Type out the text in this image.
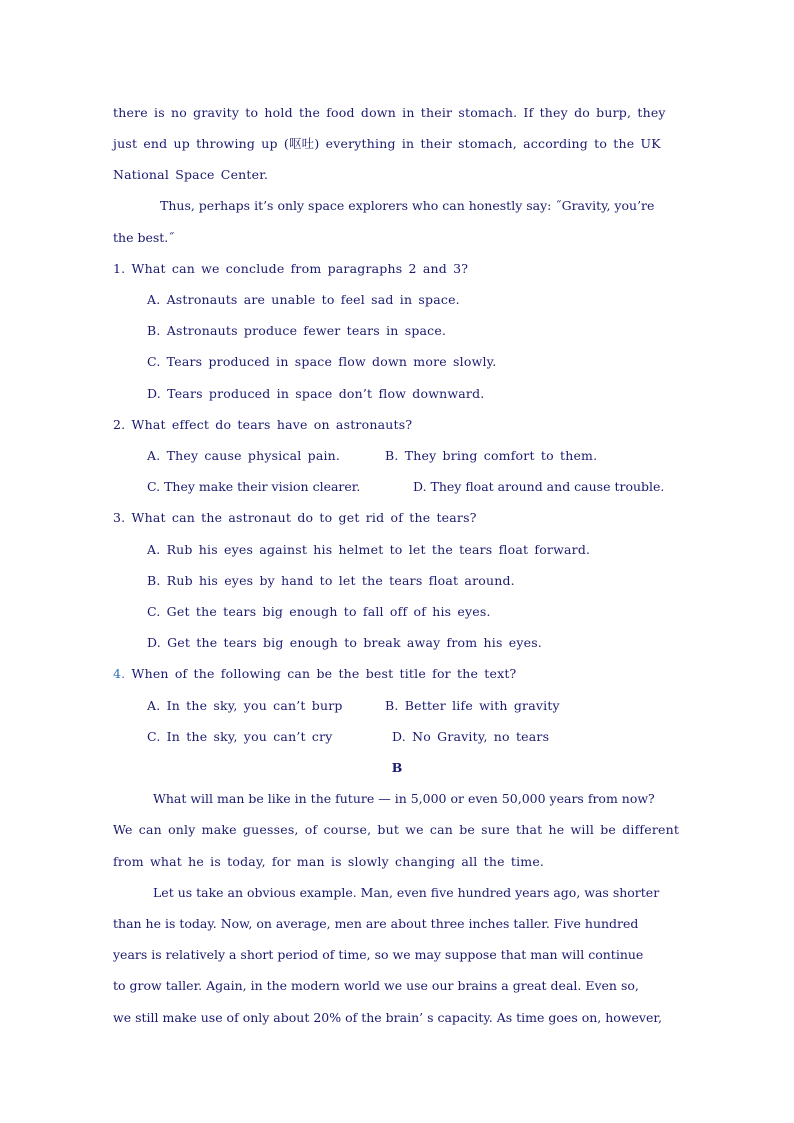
there is no gravity to hold the food down in their stomach. If they do burp, they
just end up throwing up (呕吐) everything in their stomach, according to the UK
National Space Center.
Thus, perhaps it’s only space explorers who can honestly say: ˝Gravity, you’re
the best.˝
1. What can we conclude from paragraphs 2 and 3?
A. Astronauts are unable to feel sad in space.
B. Astronauts produce fewer tears in space.
C. Tears produced in space flow down more slowly.
D. Tears produced in space don’t flow downward.
2. What effect do tears have on astronauts?
A. They cause physical pain.	B. They bring comfort to them.
C. They make their vision clearer.	D. They float around and cause trouble.
3. What can the astronaut do to get rid of the tears?
A. Rub his eyes against his helmet to let the tears float forward.
B. Rub his eyes by hand to let the tears float around.
C. Get the tears big enough to fall off of his eyes.
D. Get the tears big enough to break away from his eyes.
4. When of the following can be the best title for the text?
A. In the sky, you can’t burp	B. Better life with gravity
C. In the sky, you can’t cry	D. No Gravity, no tears
B
What will man be like in the future — in 5,000 or even 50,000 years from now?
We can only make guesses, of course, but we can be sure that he will be different
from what he is today, for man is slowly changing all the time.
Let us take an obvious example. Man, even five hundred years ago, was shorter
than he is today. Now, on average, men are about three inches taller. Five hundred
years is relatively a short period of time, so we may suppose that man will continue
to grow taller. Again, in the modern world we use our brains a great deal. Even so,
we still make use of only about 20% of the brain’ s capacity. As time goes on, however,
